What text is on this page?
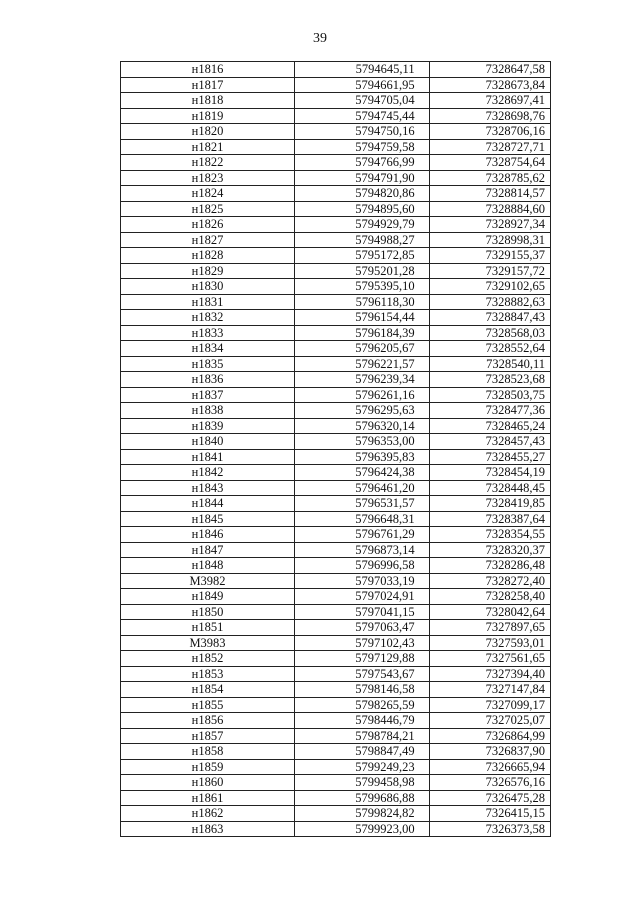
39
н1816	5794645,11	7328647,58
н1817	5794661,95	7328673,84
н1818	5794705,04	7328697,41
н1819	5794745,44	7328698,76
н1820	5794750,16	7328706,16
н1821	5794759,58	7328727,71
н1822	5794766,99	7328754,64
н1823	5794791,90	7328785,62
н1824	5794820,86	7328814,57
н1825	5794895,60	7328884,60
н1826	5794929,79	7328927,34
н1827	5794988,27	7328998,31
н1828	5795172,85	7329155,37
н1829	5795201,28	7329157,72
н1830	5795395,10	7329102,65
н1831	5796118,30	7328882,63
н1832	5796154,44	7328847,43
н1833	5796184,39	7328568,03
н1834	5796205,67	7328552,64
н1835	5796221,57	7328540,11
н1836	5796239,34	7328523,68
н1837	5796261,16	7328503,75
н1838	5796295,63	7328477,36
н1839	5796320,14	7328465,24
н1840	5796353,00	7328457,43
н1841	5796395,83	7328455,27
н1842	5796424,38	7328454,19
н1843	5796461,20	7328448,45
н1844	5796531,57	7328419,85
н1845	5796648,31	7328387,64
н1846	5796761,29	7328354,55
н1847	5796873,14	7328320,37
н1848	5796996,58	7328286,48
М3982	5797033,19	7328272,40
н1849	5797024,91	7328258,40
н1850	5797041,15	7328042,64
н1851	5797063,47	7327897,65
М3983	5797102,43	7327593,01
н1852	5797129,88	7327561,65
н1853	5797543,67	7327394,40
н1854	5798146,58	7327147,84
н1855	5798265,59	7327099,17
н1856	5798446,79	7327025,07
н1857	5798784,21	7326864,99
н1858	5798847,49	7326837,90
н1859	5799249,23	7326665,94
н1860	5799458,98	7326576,16
н1861	5799686,88	7326475,28
н1862	5799824,82	7326415,15
н1863	5799923,00	7326373,58
